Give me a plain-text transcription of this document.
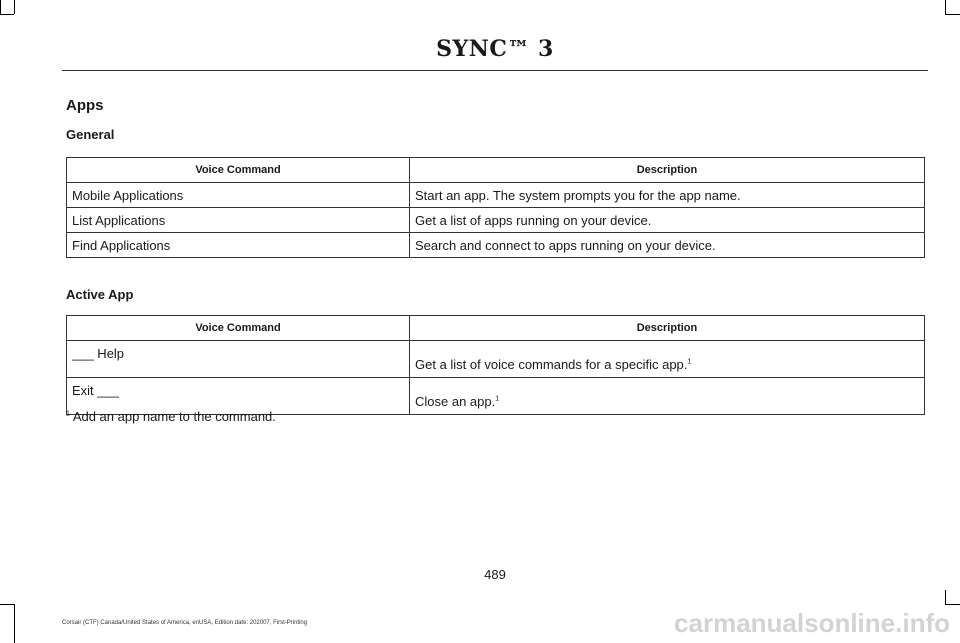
SYNC™ 3
Apps
General
Voice Command	Description
Mobile Applications	Start an app. The system prompts you for the app name.
List Applications	Get a list of apps running on your device.
Find Applications	Search and connect to apps running on your device.
Active App
Voice Command	Description
___ Help	Get a list of voice commands for a specific app.$^1$
Exit ___	Close an app.$^1$
$^1$ Add an app name to the command.
489
Corsair (CTF) Canada/United States of America, enUSA, Edition date: 202007, First-Printing	carmanualsonline.info
